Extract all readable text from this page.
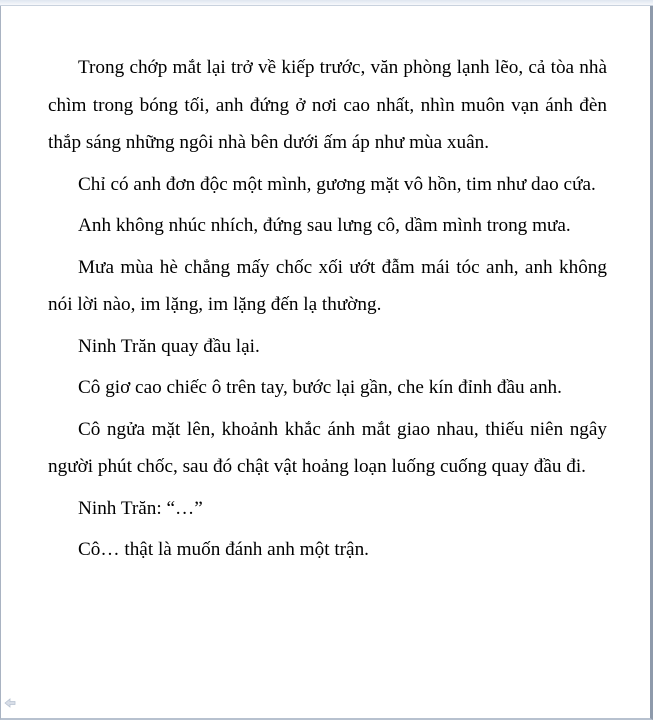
Trong chớp mắt lại trở về kiếp trước, văn phòng lạnh lẽo, cả tòa nhà chìm trong bóng tối, anh đứng ở nơi cao nhất, nhìn muôn vạn ánh đèn thắp sáng những ngôi nhà bên dưới ấm áp như mùa xuân.

Chỉ có anh đơn độc một mình, gương mặt vô hồn, tim như dao cứa.

Anh không nhúc nhích, đứng sau lưng cô, dầm mình trong mưa.

Mưa mùa hè chẳng mấy chốc xối ướt đẫm mái tóc anh, anh không nói lời nào, im lặng, im lặng đến lạ thường.

Ninh Trăn quay đầu lại.

Cô giơ cao chiếc ô trên tay, bước lại gần, che kín đỉnh đầu anh.

Cô ngửa mặt lên, khoảnh khắc ánh mắt giao nhau, thiếu niên ngây người phút chốc, sau đó chật vật hoảng loạn luống cuống quay đầu đi.

Ninh Trăn: “…”

Cô… thật là muốn đánh anh một trận.
